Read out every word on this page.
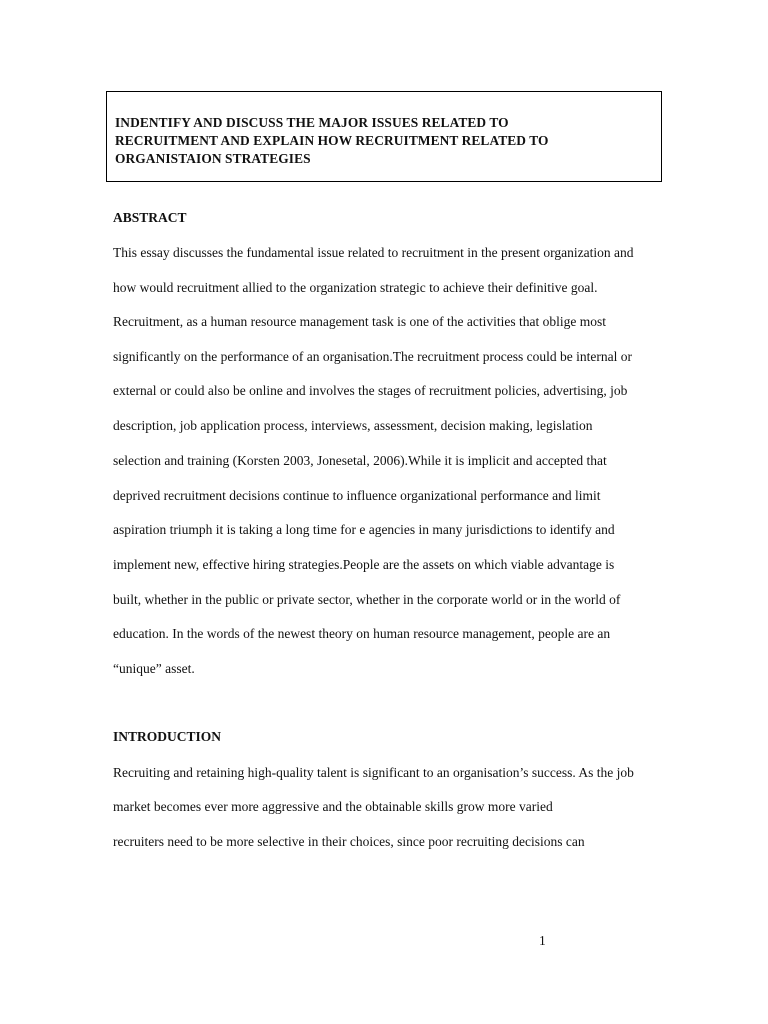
INDENTIFY AND DISCUSS THE MAJOR ISSUES RELATED TO
RECRUITMENT AND EXPLAIN HOW RECRUITMENT RELATED TO
ORGANISTAION STRATEGIES
ABSTRACT
This essay discusses the fundamental issue related to recruitment in the present organization and
how would recruitment allied to the organization strategic to achieve their definitive goal.
Recruitment, as a human resource management task is one of the activities that oblige most
significantly on the performance of an organisation.The recruitment process could be internal or
external or could also be online and involves the stages of recruitment policies, advertising, job
description, job application process, interviews, assessment, decision making, legislation
selection and training (Korsten 2003, Jonesetal, 2006).While it is implicit and accepted that
deprived recruitment decisions continue to influence organizational performance and limit
aspiration triumph it is taking a long time for e agencies in many jurisdictions to identify and
implement new, effective hiring strategies.People are the assets on which viable advantage is
built, whether in the public or private sector, whether in the corporate world or in the world of
education. In the words of the newest theory on human resource management, people are an
“unique” asset.
INTRODUCTION
Recruiting and retaining high-quality talent is significant to an organisation’s success. As the job
market becomes ever more aggressive and the obtainable skills grow more varied
recruiters need to be more selective in their choices, since poor recruiting decisions can
1
